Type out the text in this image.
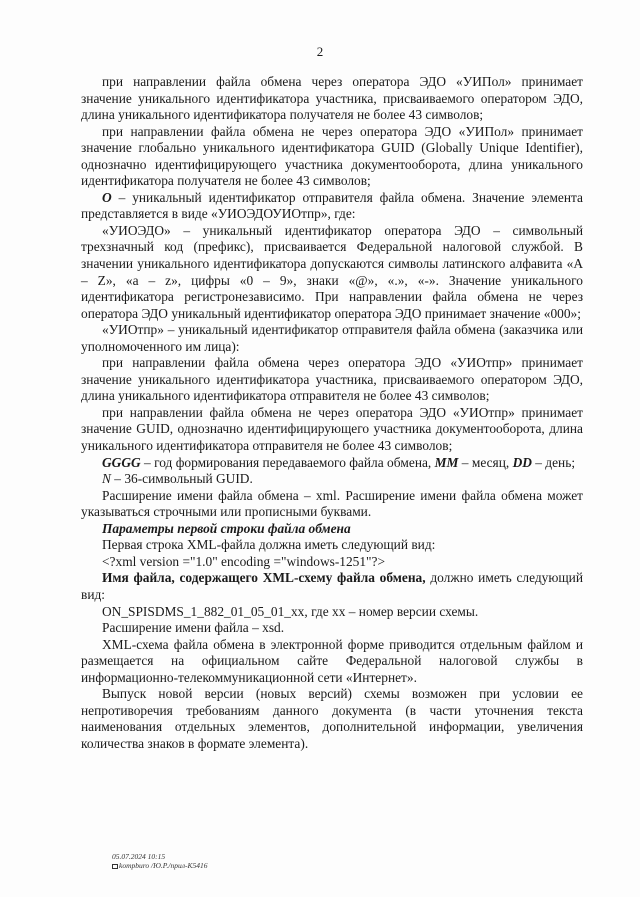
2

при направлении файла обмена через оператора ЭДО «УИПол» принимает значение уникального идентификатора участника, присваиваемого оператором ЭДО, длина уникального идентификатора получателя не более 43 символов;

при направлении файла обмена не через оператора ЭДО «УИПол» принимает значение глобально уникального идентификатора GUID (Globally Unique Identifier), однозначно идентифицирующего участника документооборота, длина уникального идентификатора получателя не более 43 символов;

O – уникальный идентификатор отправителя файла обмена. Значение элемента представляется в виде «УИОЭДОУИОтпр», где:

«УИОЭДО» – уникальный идентификатор оператора ЭДО – символьный трехзначный код (префикс), присваивается Федеральной налоговой службой. В значении уникального идентификатора допускаются символы латинского алфавита «A – Z», «a – z», цифры «0 – 9», знаки «@», «.», «-». Значение уникального идентификатора регистронезависимо. При направлении файла обмена не через оператора ЭДО уникальный идентификатор оператора ЭДО принимает значение «000»;

«УИОтпр» – уникальный идентификатор отправителя файла обмена (заказчика или уполномоченного им лица):

при направлении файла обмена через оператора ЭДО «УИОтпр» принимает значение уникального идентификатора участника, присваиваемого оператором ЭДО, длина уникального идентификатора отправителя не более 43 символов;

при направлении файла обмена не через оператора ЭДО «УИОтпр» принимает значение GUID, однозначно идентифицирующего участника документооборота, длина уникального идентификатора отправителя не более 43 символов;

GGGG – год формирования передаваемого файла обмена, MM – месяц, DD – день;

N – 36-символьный GUID.

Расширение имени файла обмена – xml. Расширение имени файла обмена может указываться строчными или прописными буквами.

Параметры первой строки файла обмена

Первая строка XML-файла должна иметь следующий вид:

<?xml version ="1.0" encoding ="windows-1251"?>

Имя файла, содержащего XML-схему файла обмена, должно иметь следующий вид:

ON_SPISDMS_1_882_01_05_01_xx, где хх – номер версии схемы.

Расширение имени файла – xsd.

XML-схема файла обмена в электронной форме приводится отдельным файлом и размещается на официальном сайте Федеральной налоговой службы в информационно-телекоммуникационной сети «Интернет».

Выпуск новой версии (новых версий) схемы возможен при условии ее непротиворечия требованиям данного документа (в части уточнения текста наименования отдельных элементов, дополнительной информации, увеличения количества знаков в формате элемента).

05.07.2024 10:15
kompburo /Ю.Р./прил-К5416
